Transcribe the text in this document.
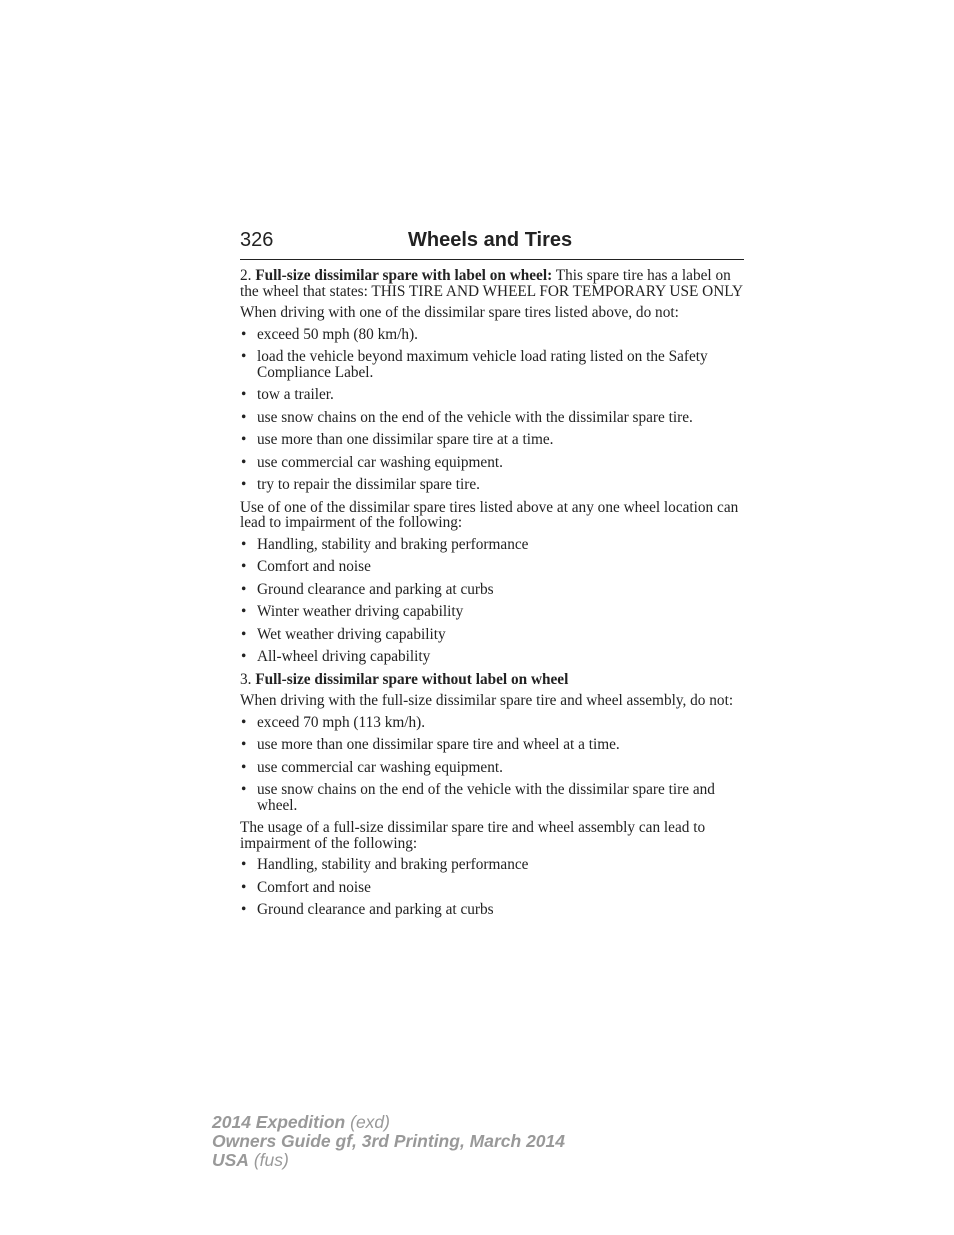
326	Wheels and Tires

2. Full-size dissimilar spare with label on wheel: This spare tire has a label on the wheel that states: THIS TIRE AND WHEEL FOR TEMPORARY USE ONLY

When driving with one of the dissimilar spare tires listed above, do not:

• exceed 50 mph (80 km/h).
• load the vehicle beyond maximum vehicle load rating listed on the Safety Compliance Label.
• tow a trailer.
• use snow chains on the end of the vehicle with the dissimilar spare tire.
• use more than one dissimilar spare tire at a time.
• use commercial car washing equipment.
• try to repair the dissimilar spare tire.

Use of one of the dissimilar spare tires listed above at any one wheel location can lead to impairment of the following:

• Handling, stability and braking performance
• Comfort and noise
• Ground clearance and parking at curbs
• Winter weather driving capability
• Wet weather driving capability
• All-wheel driving capability

3. Full-size dissimilar spare without label on wheel

When driving with the full-size dissimilar spare tire and wheel assembly, do not:

• exceed 70 mph (113 km/h).
• use more than one dissimilar spare tire and wheel at a time.
• use commercial car washing equipment.
• use snow chains on the end of the vehicle with the dissimilar spare tire and wheel.

The usage of a full-size dissimilar spare tire and wheel assembly can lead to impairment of the following:

• Handling, stability and braking performance
• Comfort and noise
• Ground clearance and parking at curbs
2014 Expedition (exd)
Owners Guide gf, 3rd Printing, March 2014
USA (fus)
